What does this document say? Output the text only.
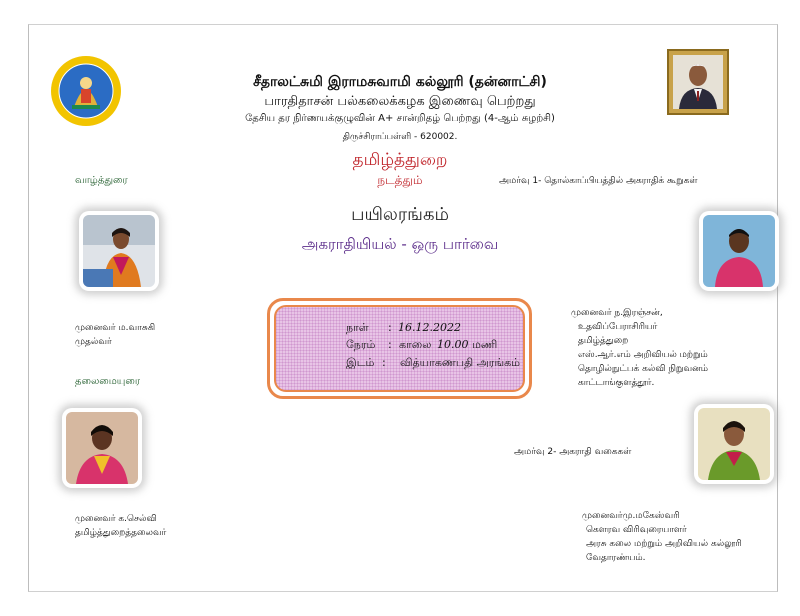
சீதாலட்சுமி இராமசுவாமி கல்லூரி (தன்னாட்சி)
பாரதிதாசன் பல்கலைக்கழக இணைவு பெற்றது
தேசிய தர நிர்ணயக்குழுவின் A+ சான்றிதழ் பெற்றது (4-ஆம் சுழற்சி)
திருச்சிராப்பள்ளி - 620002.
தமிழ்த்துறை
நடத்தும்
வாழ்த்துரை	அமர்வு 1- தொல்காப்பியத்தில் அகராதிக் கூறுகள்
பயிலரங்கம்
அகராதியியல் - ஒரு பார்வை
நாள் : 16.12.2022
நேரம் : காலை 10.00 மணி
இடம் : வித்யாகணபதி அரங்கம்
முனைவர் ம.வாசுகி
முதல்வர்
முனைவர் ந.இரஞ்சன்,
உதவிப்பேராசிரியர்
தமிழ்த்துறை
எஸ்.ஆர்.எம் அறிவியல் மற்றும்
தொழில்நுட்பக் கல்வி நிறுவனம்
காட்டாங்குளத்தூர்.
தலைமையுரை
அமர்வு 2- அகராதி வகைகள்
முனைவர் க.செல்வி
தமிழ்த்துறைத்தலைவர்
முனைவர்மு.மகேஸ்வரி
கௌரவ விரிவுரையாளர்
அரசு கலை மற்றும் அறிவியல் கல்லூரி
வேதாரண்யம்.
